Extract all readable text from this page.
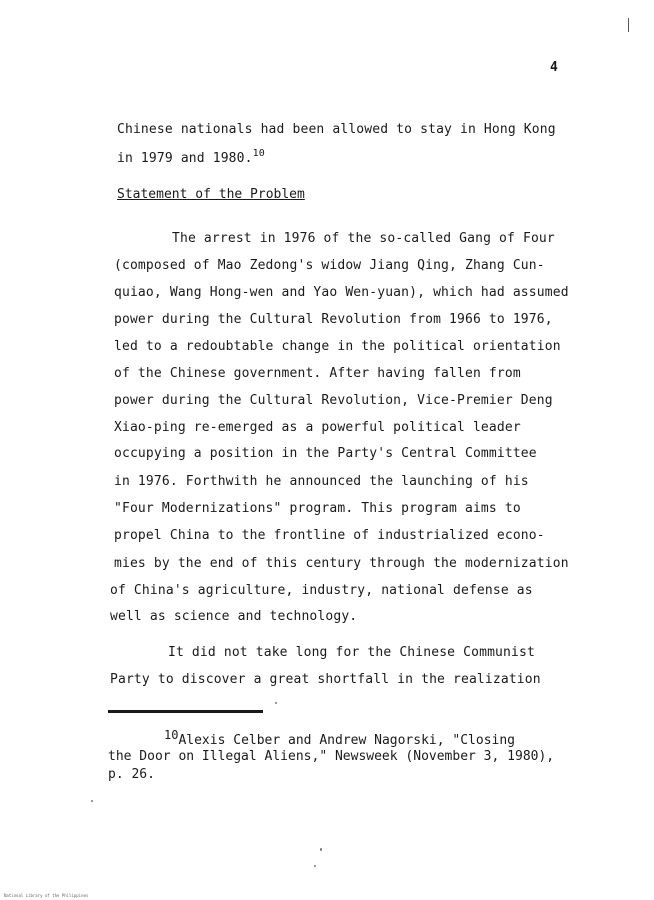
4
Chinese nationals had been allowed to stay in Hong Kong
in 1979 and 1980.10
Statement of the Problem
The arrest in 1976 of the so-called Gang of Four
(composed of Mao Zedong's widow Jiang Qing, Zhang Cun-
quiao, Wang Hong-wen and Yao Wen-yuan), which had assumed
power during the Cultural Revolution from 1966 to 1976,
led to a redoubtable change in the political orientation
of the Chinese government. After having fallen from
power during the Cultural Revolution, Vice-Premier Deng
Xiao-ping re-emerged as a powerful political leader
occupying a position in the Party's Central Committee
in 1976. Forthwith he announced the launching of his
"Four Modernizations" program. This program aims to
propel China to the frontline of industrialized econo-
mies by the end of this century through the modernization
of China's agriculture, industry, national defense as
well as science and technology.
It did not take long for the Chinese Communist
Party to discover a great shortfall in the realization
10Alexis Celber and Andrew Nagorski, "Closing
the Door on Illegal Aliens," Newsweek (November 3, 1980),
p. 26.
National Library of the Philippines
